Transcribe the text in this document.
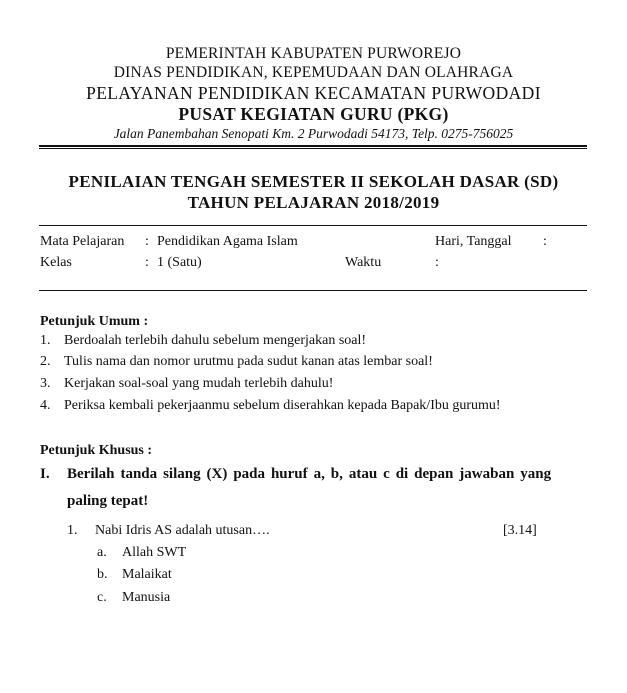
PEMERINTAH KABUPATEN PURWOREJO
DINAS PENDIDIKAN, KEPEMUDAAN DAN OLAHRAGA
PELAYANAN PENDIDIKAN KECAMATAN PURWODADI
PUSAT KEGIATAN GURU (PKG)
Jalan Panembahan Senopati Km. 2 Purwodadi 54173, Telp. 0275-756025
PENILAIAN TENGAH SEMESTER II SEKOLAH DASAR (SD)
TAHUN PELAJARAN 2018/2019
Mata Pelajaran : Pendidikan Agama Islam	Hari, Tanggal :
Kelas	: 1 (Satu)	Waktu	:
Petunjuk Umum :
1. Berdoalah terlebih dahulu sebelum mengerjakan soal!
2. Tulis nama dan nomor urutmu pada sudut kanan atas lembar soal!
3. Kerjakan soal-soal yang mudah terlebih dahulu!
4. Periksa kembali pekerjaanmu sebelum diserahkan kepada Bapak/Ibu gurumu!
Petunjuk Khusus :
I. Berilah tanda silang (X) pada huruf a, b, atau c di depan jawaban yang
paling tepat!
1. Nabi Idris AS adalah utusan….	[3.14]
a. Allah SWT
b. Malaikat
c. Manusia
